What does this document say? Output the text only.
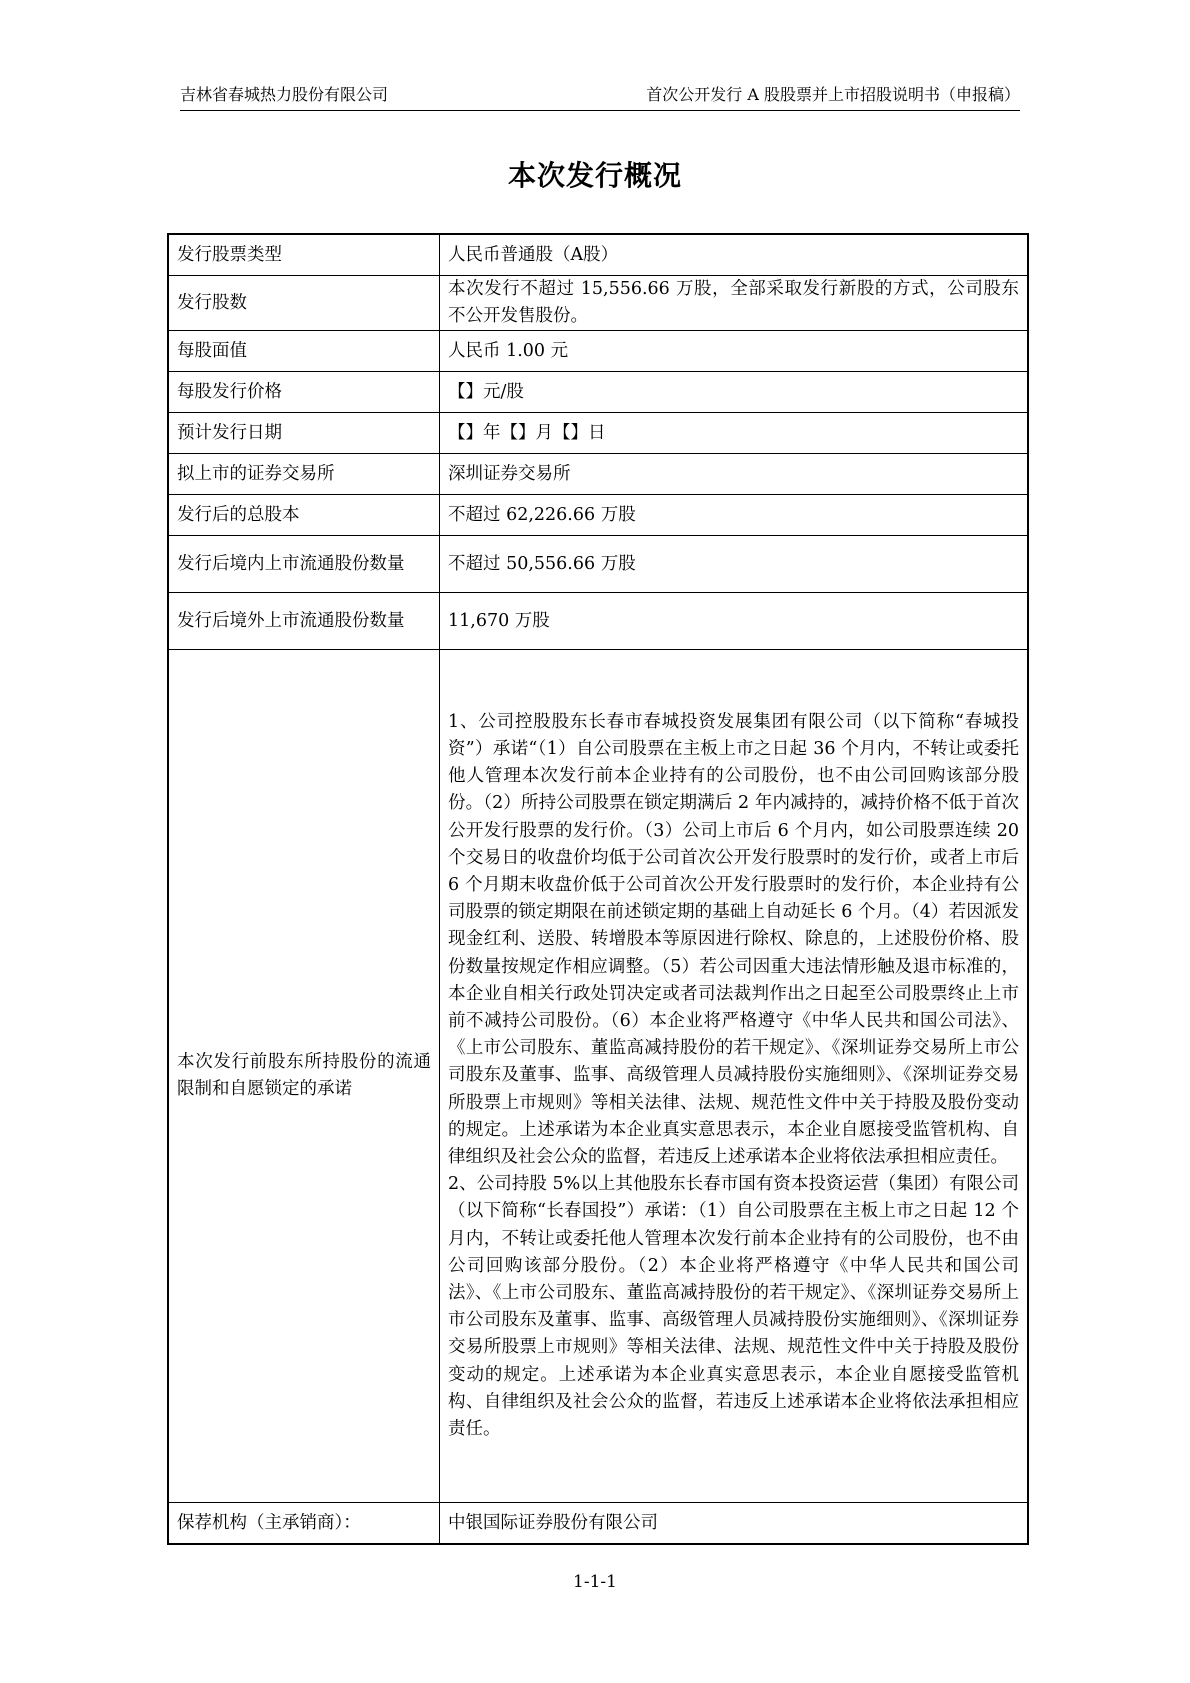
吉林省春城热力股份有限公司	首次公开发行 A 股股票并上市招股说明书（申报稿）
本次发行概况
发行股票类型	人民币普通股（A股）
发行股数	本次发行不超过 15,556.66 万股，全部采取发行新股的方式，公司股东不公开发售股份。
每股面值	人民币 1.00 元
每股发行价格	【】元/股
预计发行日期	【】年【】月【】日
拟上市的证券交易所	深圳证券交易所
发行后的总股本	不超过 62,226.66 万股
发行后境内上市流通股份数量	不超过 50,556.66 万股
发行后境外上市流通股份数量	11,670 万股
本次发行前股东所持股份的流通限制和自愿锁定的承诺	1、公司控股股东长春市春城投资发展集团有限公司（以下简称“春城投资”）承诺“（1）自公司股票在主板上市之日起 36 个月内，不转让或委托他人管理本次发行前本企业持有的公司股份，也不由公司回购该部分股份。（2）所持公司股票在锁定期满后 2 年内减持的，减持价格不低于首次公开发行股票的发行价。（3）公司上市后 6 个月内，如公司股票连续 20 个交易日的收盘价均低于公司首次公开发行股票时的发行价，或者上市后 6 个月期末收盘价低于公司首次公开发行股票时的发行价，本企业持有公司股票的锁定期限在前述锁定期的基础上自动延长 6 个月。（4）若因派发现金红利、送股、转增股本等原因进行除权、除息的，上述股份价格、股份数量按规定作相应调整。（5）若公司因重大违法情形触及退市标准的，本企业自相关行政处罚决定或者司法裁判作出之日起至公司股票终止上市前不减持公司股份。（6）本企业将严格遵守《中华人民共和国公司法》、《上市公司股东、董监高减持股份的若干规定》、《深圳证券交易所上市公司股东及董事、监事、高级管理人员减持股份实施细则》、《深圳证券交易所股票上市规则》等相关法律、法规、规范性文件中关于持股及股份变动的规定。上述承诺为本企业真实意思表示，本企业自愿接受监管机构、自律组织及社会公众的监督，若违反上述承诺本企业将依法承担相应责任。
2、公司持股 5%以上其他股东长春市国有资本投资运营（集团）有限公司（以下简称“长春国投”）承诺：（1）自公司股票在主板上市之日起 12 个月内，不转让或委托他人管理本次发行前本企业持有的公司股份，也不由公司回购该部分股份。（2）本企业将严格遵守《中华人民共和国公司法》、《上市公司股东、董监高减持股份的若干规定》、《深圳证券交易所上市公司股东及董事、监事、高级管理人员减持股份实施细则》、《深圳证券交易所股票上市规则》等相关法律、法规、规范性文件中关于持股及股份变动的规定。上述承诺为本企业真实意思表示，本企业自愿接受监管机构、自律组织及社会公众的监督，若违反上述承诺本企业将依法承担相应责任。

保荐机构（主承销商）：	中银国际证券股份有限公司
1-1-1
